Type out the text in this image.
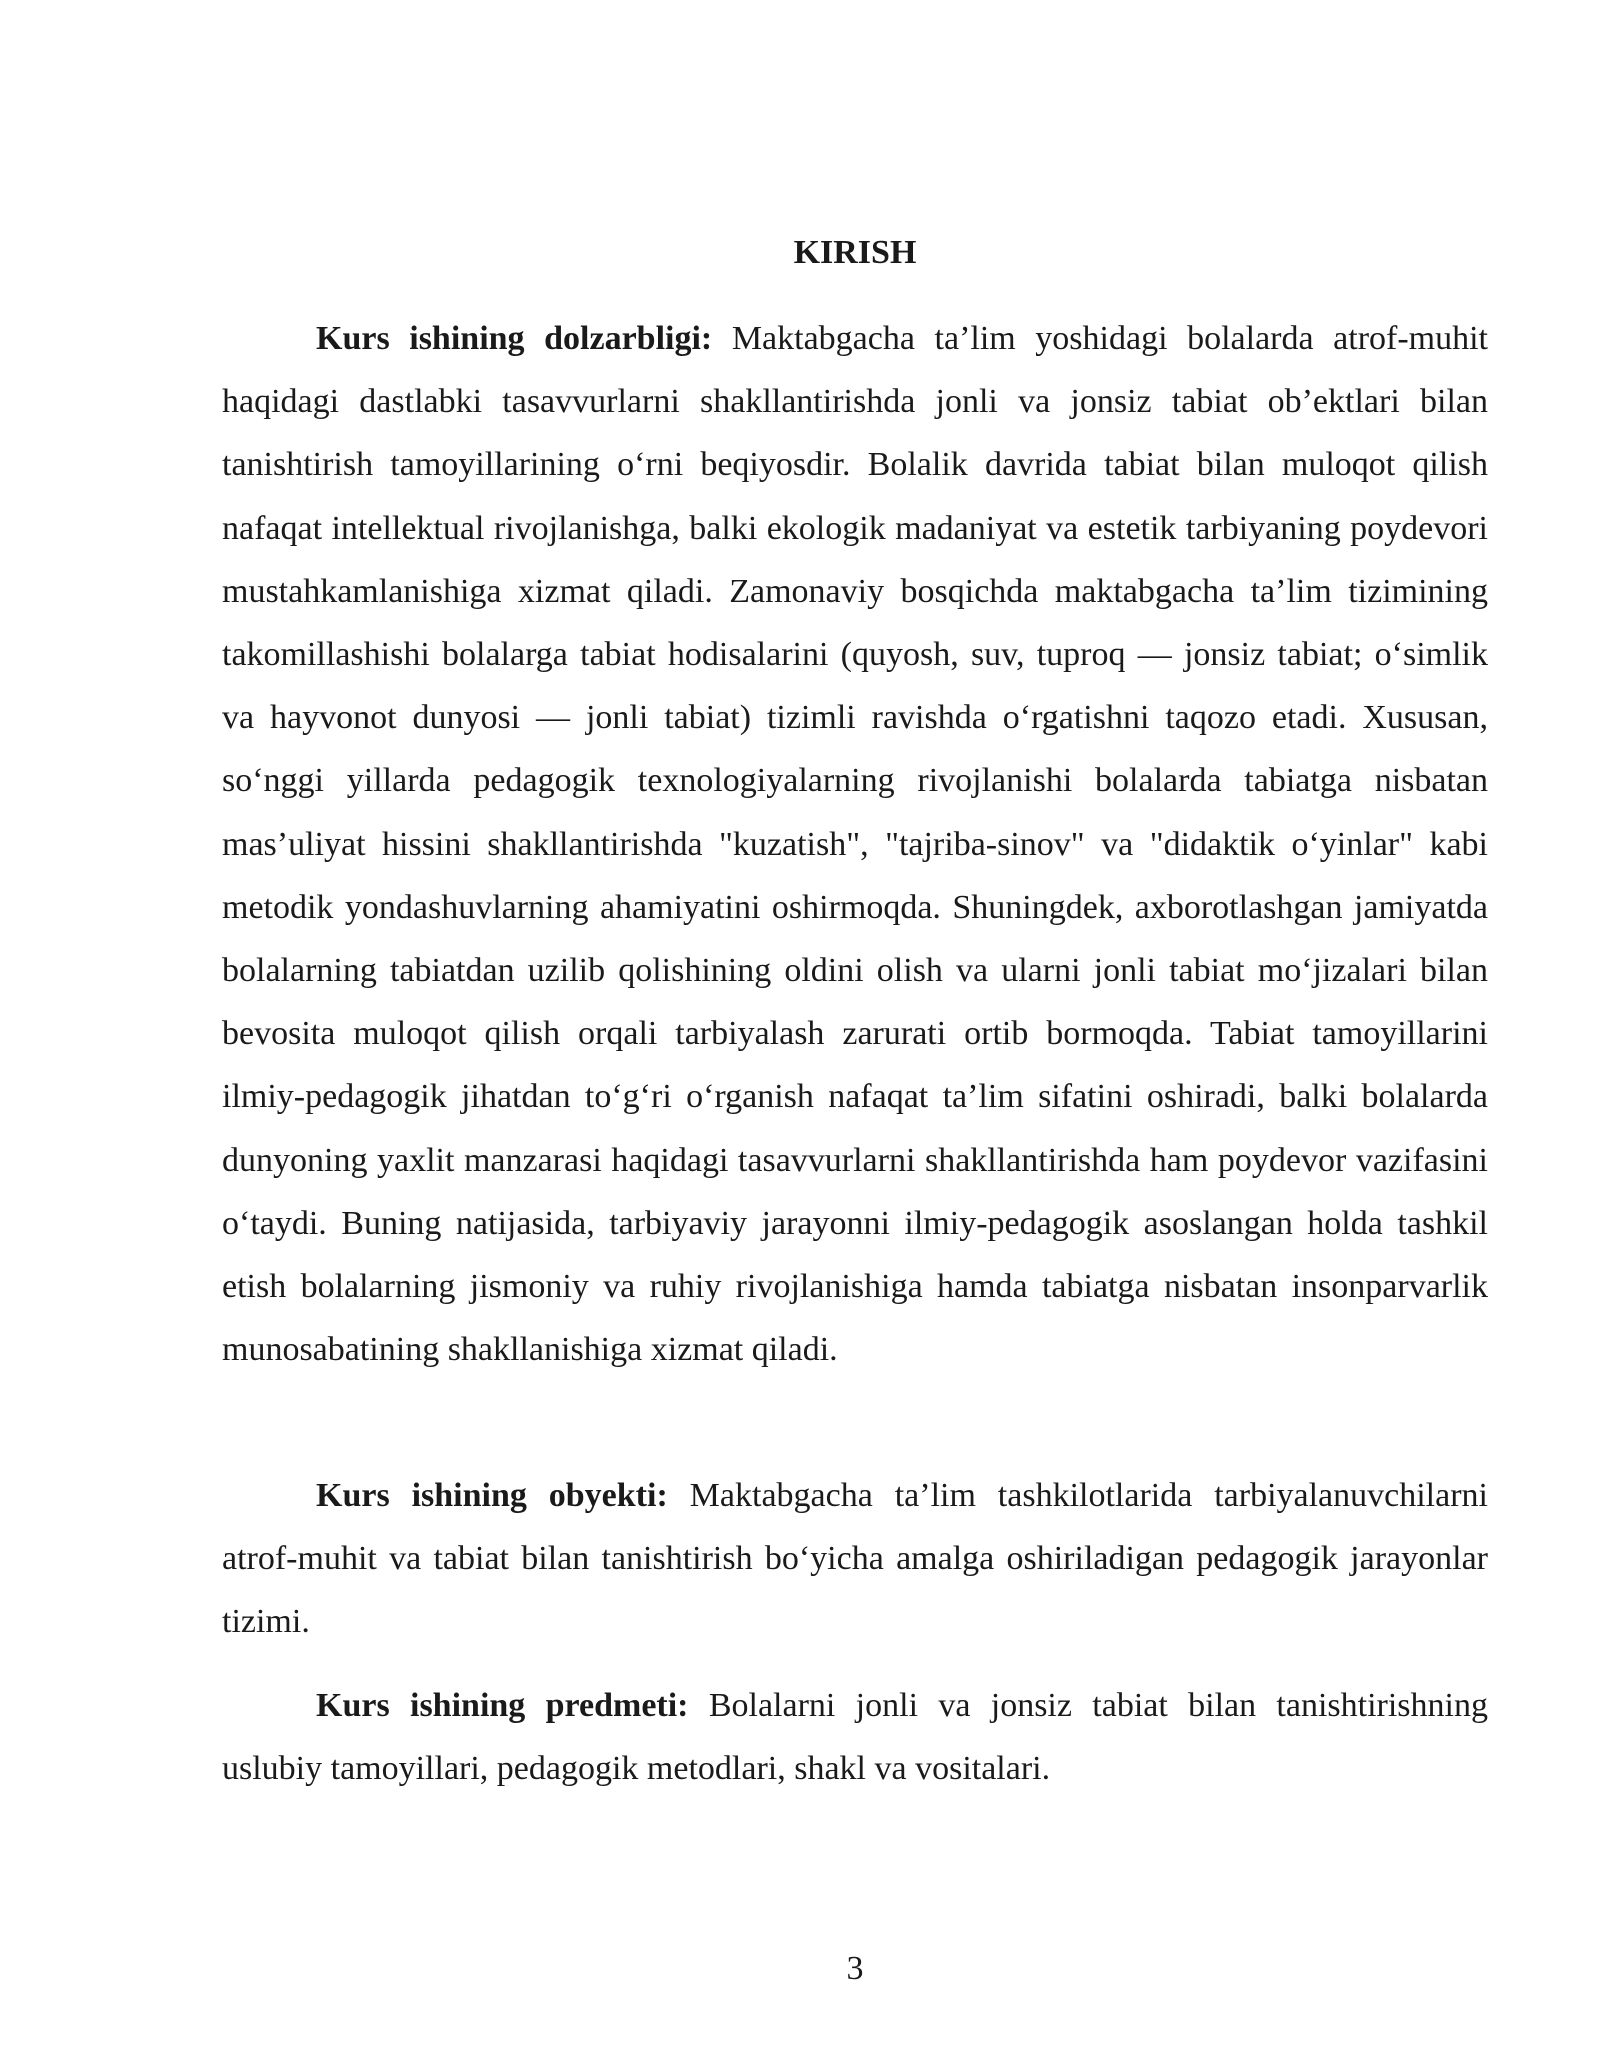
KIRISH

Kurs ishining dolzarbligi: Maktabgacha ta’lim yoshidagi bolalarda atrof-muhit haqidagi dastlabki tasavvurlarni shakllantirishda jonli va jonsiz tabiat ob’ektlari bilan tanishtirish tamoyillarining o‘rni beqiyosdir. Bolalik davrida tabiat bilan muloqot qilish nafaqat intellektual rivojlanishga, balki ekologik madaniyat va estetik tarbiyaning poydevori mustahkamlanishiga xizmat qiladi. Zamonaviy bosqichda maktabgacha ta’lim tizimining takomillashishi bolalarga tabiat hodisalarini (quyosh, suv, tuproq — jonsiz tabiat; o‘simlik va hayvonot dunyosi — jonli tabiat) tizimli ravishda o‘rgatishni taqozo etadi. Xususan, so‘nggi yillarda pedagogik texnologiyalarning rivojlanishi bolalarda tabiatga nisbatan mas’uliyat hissini shakllantirishda "kuzatish", "tajriba-sinov" va "didaktik o‘yinlar" kabi metodik yondashuvlarning ahamiyatini oshirmoqda. Shuningdek, axborotlashgan jamiyatda bolalarning tabiatdan uzilib qolishining oldini olish va ularni jonli tabiat mo‘jizalari bilan bevosita muloqot qilish orqali tarbiyalash zarurati ortib bormoqda. Tabiat tamoyillarini ilmiy-pedagogik jihatdan to‘g‘ri o‘rganish nafaqat ta’lim sifatini oshiradi, balki bolalarda dunyoning yaxlit manzarasi haqidagi tasavvurlarni shakllantirishda ham poydevor vazifasini o‘taydi. Buning natijasida, tarbiyaviy jarayonni ilmiy-pedagogik asoslangan holda tashkil etish bolalarning jismoniy va ruhiy rivojlanishiga hamda tabiatga nisbatan insonparvarlik munosabatining shakllanishiga xizmat qiladi.

Kurs ishining obyekti: Maktabgacha ta’lim tashkilotlarida tarbiyalanuvchilarni atrof-muhit va tabiat bilan tanishtirish bo‘yicha amalga oshiriladigan pedagogik jarayonlar tizimi.

Kurs ishining predmeti: Bolalarni jonli va jonsiz tabiat bilan tanishtirishning uslubiy tamoyillari, pedagogik metodlari, shakl va vositalari.

3
